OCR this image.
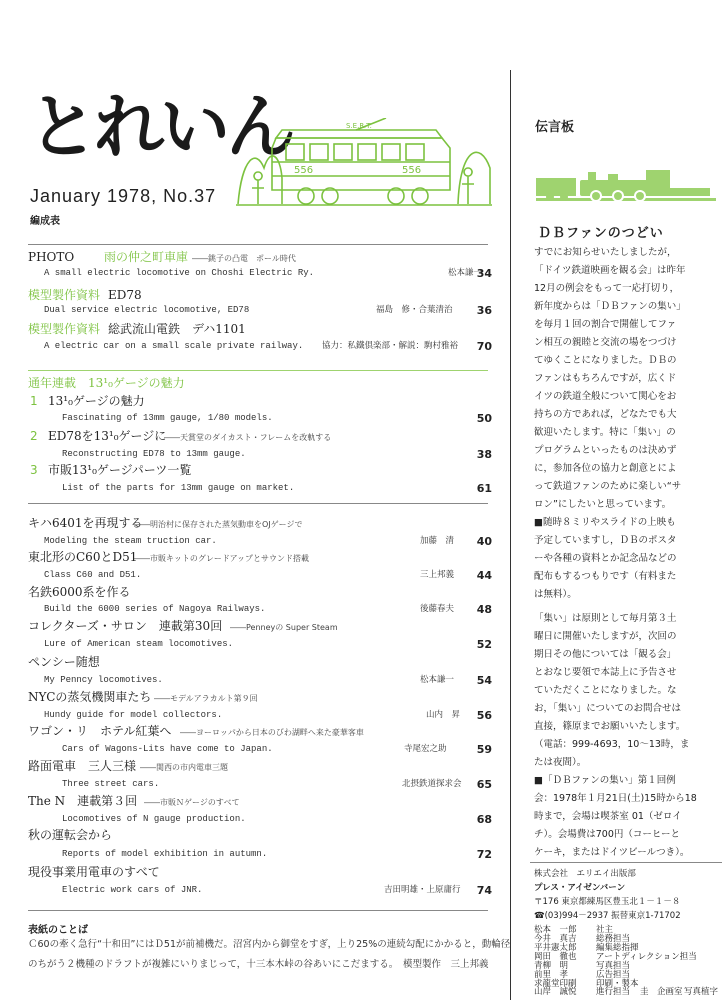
とれいん
January 1978, No.37
編成表
S.E.R.T.
556	556
PHOTO 雨の仲之町車庫 ――銚子の凸電　ポール時代
A small electric locomotive on Choshi Electric Ry.	松本謙一
34
模型製作資料 ED78
Dual service electric locomotive, ED78	福島　修・合葉清治	36
模型製作資料 総武流山電鉄　デハ1101
A electric car on a small scale private railway. 協力：私鐵倶楽部・解説：駒村雅裕	70
通年連載　13¹₀ゲージの魅力
1 13¹₀ゲージの魅力
Fascinating of 13mm gauge, 1/80 models.	50
2 ED78を13¹₀ゲージに
――天賞堂のダイカスト・フレームを改軌する
Reconstructing ED78 to 13mm gauge.	38
3 市販13¹₀ゲージパーツ一覧
List of the parts for 13mm gauge on market.	61
キハ6401を再現する
――明治村に保存された蒸気動車をOJゲージで
Modeling the steam truction car.	加藤　清	40
東北形のC60とD51
――市販キットのグレードアップとサウンド搭載
Class C60 and D51.	三上邦義	44
名鉄6000系を作る
Build the 6000 series of Nagoya Railways.	後藤春夫	48
コレクターズ・サロン　連載第30回 ――Penneyの Super Steam
Lure of American steam locomotives.	52
ペンシー随想
My Penncy locomotives.	松本謙一	54
NYCの蒸気機関車たち ――モデルアラカルト第９回
Hundy guide for model collectors.	山内　昇	56
ワゴン・リ　ホテル紅葉へ ――ヨーロッパから日本のびわ湖畔へ来た豪華客車
Cars of Wagons-Lits have come to Japan.	寺尾宏之助	59
路面電車　三人三様 ――関西の市内電車三題
Three street cars.	北摂鉄道探求会	65
The N　連載第３回 ――市販Ｎゲージのすべて
Locomotives of N gauge production.	68
秋の運転会から
Reports of model exhibition in autumn.	72
現役事業用電車のすべて
Electric work cars of JNR.	吉田明雄・上原庸行	74
表紙のことば
Ｃ60の牽く急行“十和田”にはＤ51が前補機だ。沼宮内から御堂をすぎ，上り25%の連続勾配にかかると，動輪径
のちがう２機種のドラフトが複雑にいりまじって，十三本木峠の谷あいにこだまする。　模型製作　三上邦義
伝言板
ＤＢファンのつどい
すでにお知らせいたしましたが，
「ドイツ鉄道映画を観る会」は昨年
12月の例会をもって一応打切り，
新年度からは「ＤＢファンの集い」
を毎月１回の割合で開催してファ
ン相互の親睦と交流の場をつづけ
てゆくことになりました。ＤＢの
ファンはもちろんですが，広くド
イツの鉄道全般について関心をお
持ちの方であれば，どなたでも大
歓迎いたします。特に「集い」の
プログラムといったものは決めず
に，参加各位の協力と創意とによ
って鉄道ファンのために楽しい“サ
ロン”にしたいと思っています。
■随時８ミリやスライドの上映も
予定していますし，ＤＢのポスタ
ーや各種の資料とか記念品などの
配布もするつもりです（有料また
は無料）。
「集い」は原則として毎月第３土
曜日に開催いたしますが，次回の
期日その他については「観る会」
とおなじ要領で本誌上に予告させ
ていただくことになりました。な
お，「集い」についてのお問合せは
直接，篠原までお願いいたします。
（電話：999-4693，10～13時，ま
たは夜間）。
■「ＤＢファンの集い」第１回例
会：1978年１月21日(土)15時から18
時まで，会場は喫茶室 01（ゼロイ
チ）。会場費は700円（コーヒーと
ケーキ，またはドイツビールつき）。
株式会社　エリエイ出版部
プレス・アイゼンバーン
〒176 東京都練馬区豊玉北１－１－８
☎(03)994－2937 振替東京1-71702
松本　一郎 社主
今井　真吉 総務担当
平井憲太郎 編集総指揮
岡田　徹也 アートディレクション担当
青柳　明	写真担当
前里　孝	広告担当
求龍堂印刷 印刷・製本
山岸　誠悦 進行担当 圭　企画室 写真植字
